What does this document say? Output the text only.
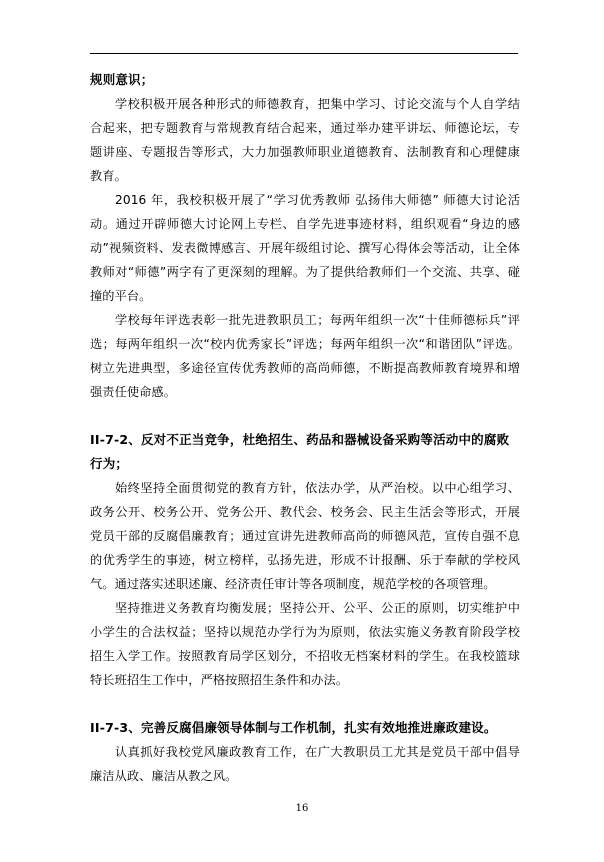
规则意识；

学校积极开展各种形式的师德教育，把集中学习、讨论交流与个人自学结合起来，把专题教育与常规教育结合起来，通过举办建平讲坛、师德论坛，专题讲座、专题报告等形式，大力加强教师职业道德教育、法制教育和心理健康教育。

2016 年，我校积极开展了“学习优秀教师 弘扬伟大师德” 师德大讨论活动。通过开辟师德大讨论网上专栏、自学先进事迹材料，组织观看“身边的感动”视频资料、发表微博感言、开展年级组讨论、撰写心得体会等活动，让全体教师对“师德”两字有了更深刻的理解。为了提供给教师们一个交流、共享、碰撞的平台。

学校每年评选表彰一批先进教职员工；每两年组织一次“十佳师德标兵”评选；每两年组织一次“校内优秀家长”评选；每两年组织一次“和谐团队”评选。树立先进典型，多途径宣传优秀教师的高尚师德，不断提高教师教育境界和增强责任使命感。

II-7-2、反对不正当竞争，杜绝招生、药品和器械设备采购等活动中的腐败行为；

始终坚持全面贯彻党的教育方针，依法办学，从严治校。以中心组学习、政务公开、校务公开、党务公开、教代会、校务会、民主生活会等形式，开展党员干部的反腐倡廉教育；通过宣讲先进教师高尚的师德风范，宣传自强不息的优秀学生的事迹，树立榜样，弘扬先进，形成不计报酬、乐于奉献的学校风气。通过落实述职述廉、经济责任审计等各项制度，规范学校的各项管理。

坚持推进义务教育均衡发展；坚持公开、公平、公正的原则，切实维护中小学生的合法权益；坚持以规范办学行为为原则，依法实施义务教育阶段学校招生入学工作。按照教育局学区划分，不招收无档案材料的学生。在我校篮球特长班招生工作中，严格按照招生条件和办法。

II-7-3、完善反腐倡廉领导体制与工作机制，扎实有效地推进廉政建设。

认真抓好我校党风廉政教育工作，在广大教职员工尤其是党员干部中倡导廉洁从政、廉洁从教之风。

16
